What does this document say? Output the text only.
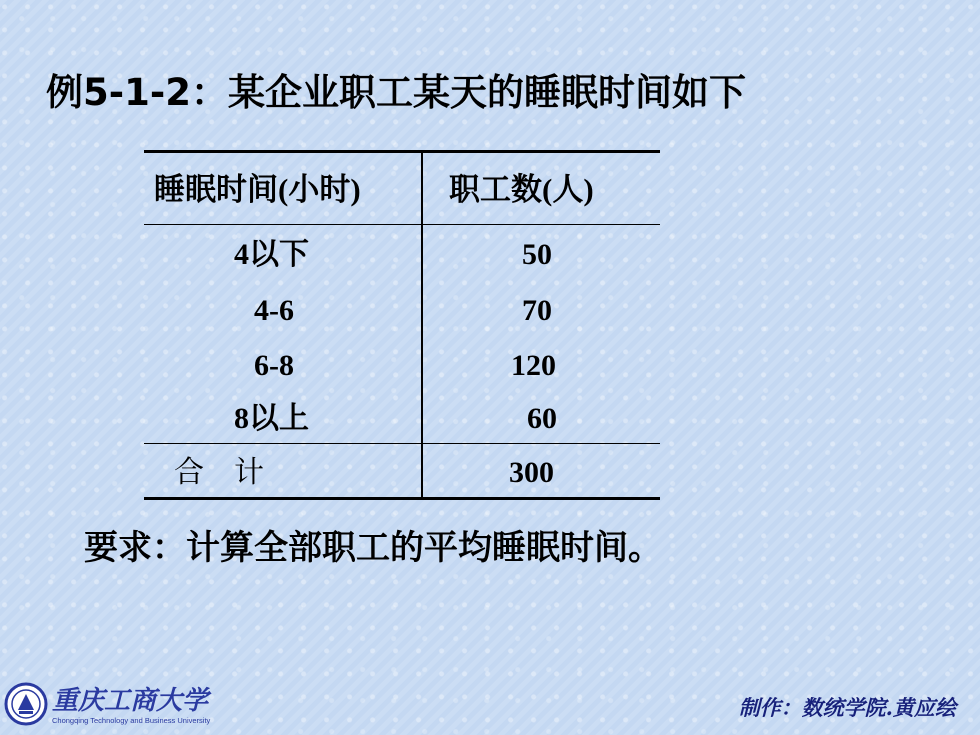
例5-1-2：某企业职工某天的睡眠时间如下
睡眠时间(小时)	职工数(人)
4以下	50
4-6	70
6-8	120
8以上	60
合　计	300
要求：计算全部职工的平均睡眠时间。
重庆工商大学
Chongqing Technology and Business University
制作：数统学院.黄应绘
